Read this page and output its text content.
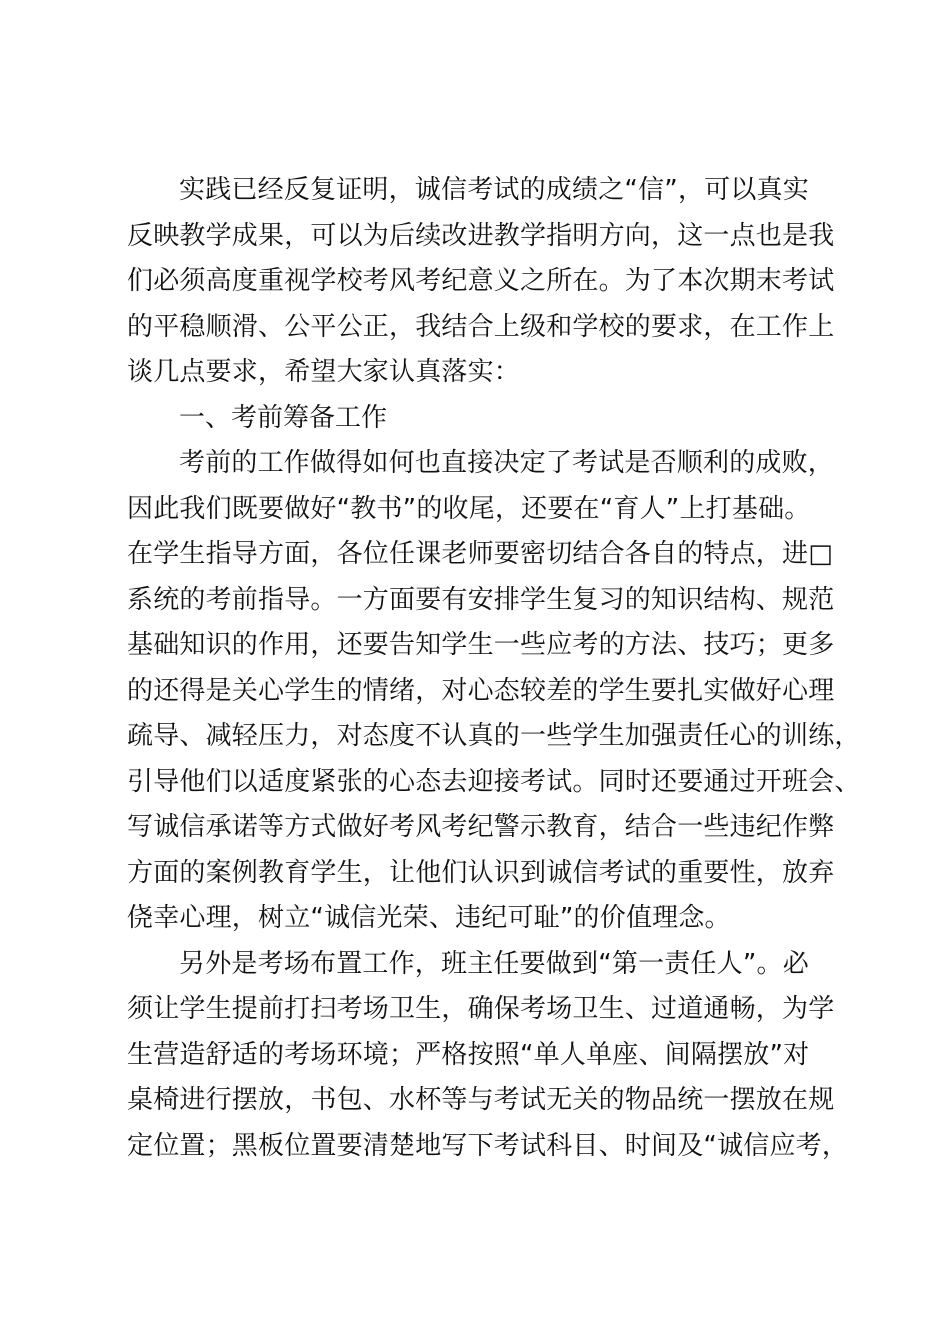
实践已经反复证明，诚信考试的成绩之“信”，可以真实
反映教学成果，可以为后续改进教学指明方向，这一点也是我
们必须高度重视学校考风考纪意义之所在。为了本次期末考试
的平稳顺滑、公平公正，我结合上级和学校的要求，在工作上
谈几点要求，希望大家认真落实：

一、考前筹备工作

考前的工作做得如何也直接决定了考试是否顺利的成败，
因此我们既要做好“教书”的收尾，还要在“育人”上打基础。
在学生指导方面，各位任课老师要密切结合各自的特点，进□
系统的考前指导。一方面要有安排学生复习的知识结构、规范
基础知识的作用，还要告知学生一些应考的方法、技巧；更多
的还得是关心学生的情绪，对心态较差的学生要扎实做好心理
疏导、减轻压力，对态度不认真的一些学生加强责任心的训练，
引导他们以适度紧张的心态去迎接考试。同时还要通过开班会、
写诚信承诺等方式做好考风考纪警示教育，结合一些违纪作弊
方面的案例教育学生，让他们认识到诚信考试的重要性，放弃
侥幸心理，树立“诚信光荣、违纪可耻”的价值理念。

另外是考场布置工作，班主任要做到“第一责任人”。必
须让学生提前打扫考场卫生，确保考场卫生、过道通畅，为学
生营造舒适的考场环境；严格按照“单人单座、间隔摆放”对
桌椅进行摆放，书包、水杯等与考试无关的物品统一摆放在规
定位置；黑板位置要清楚地写下考试科目、时间及“诚信应考，
